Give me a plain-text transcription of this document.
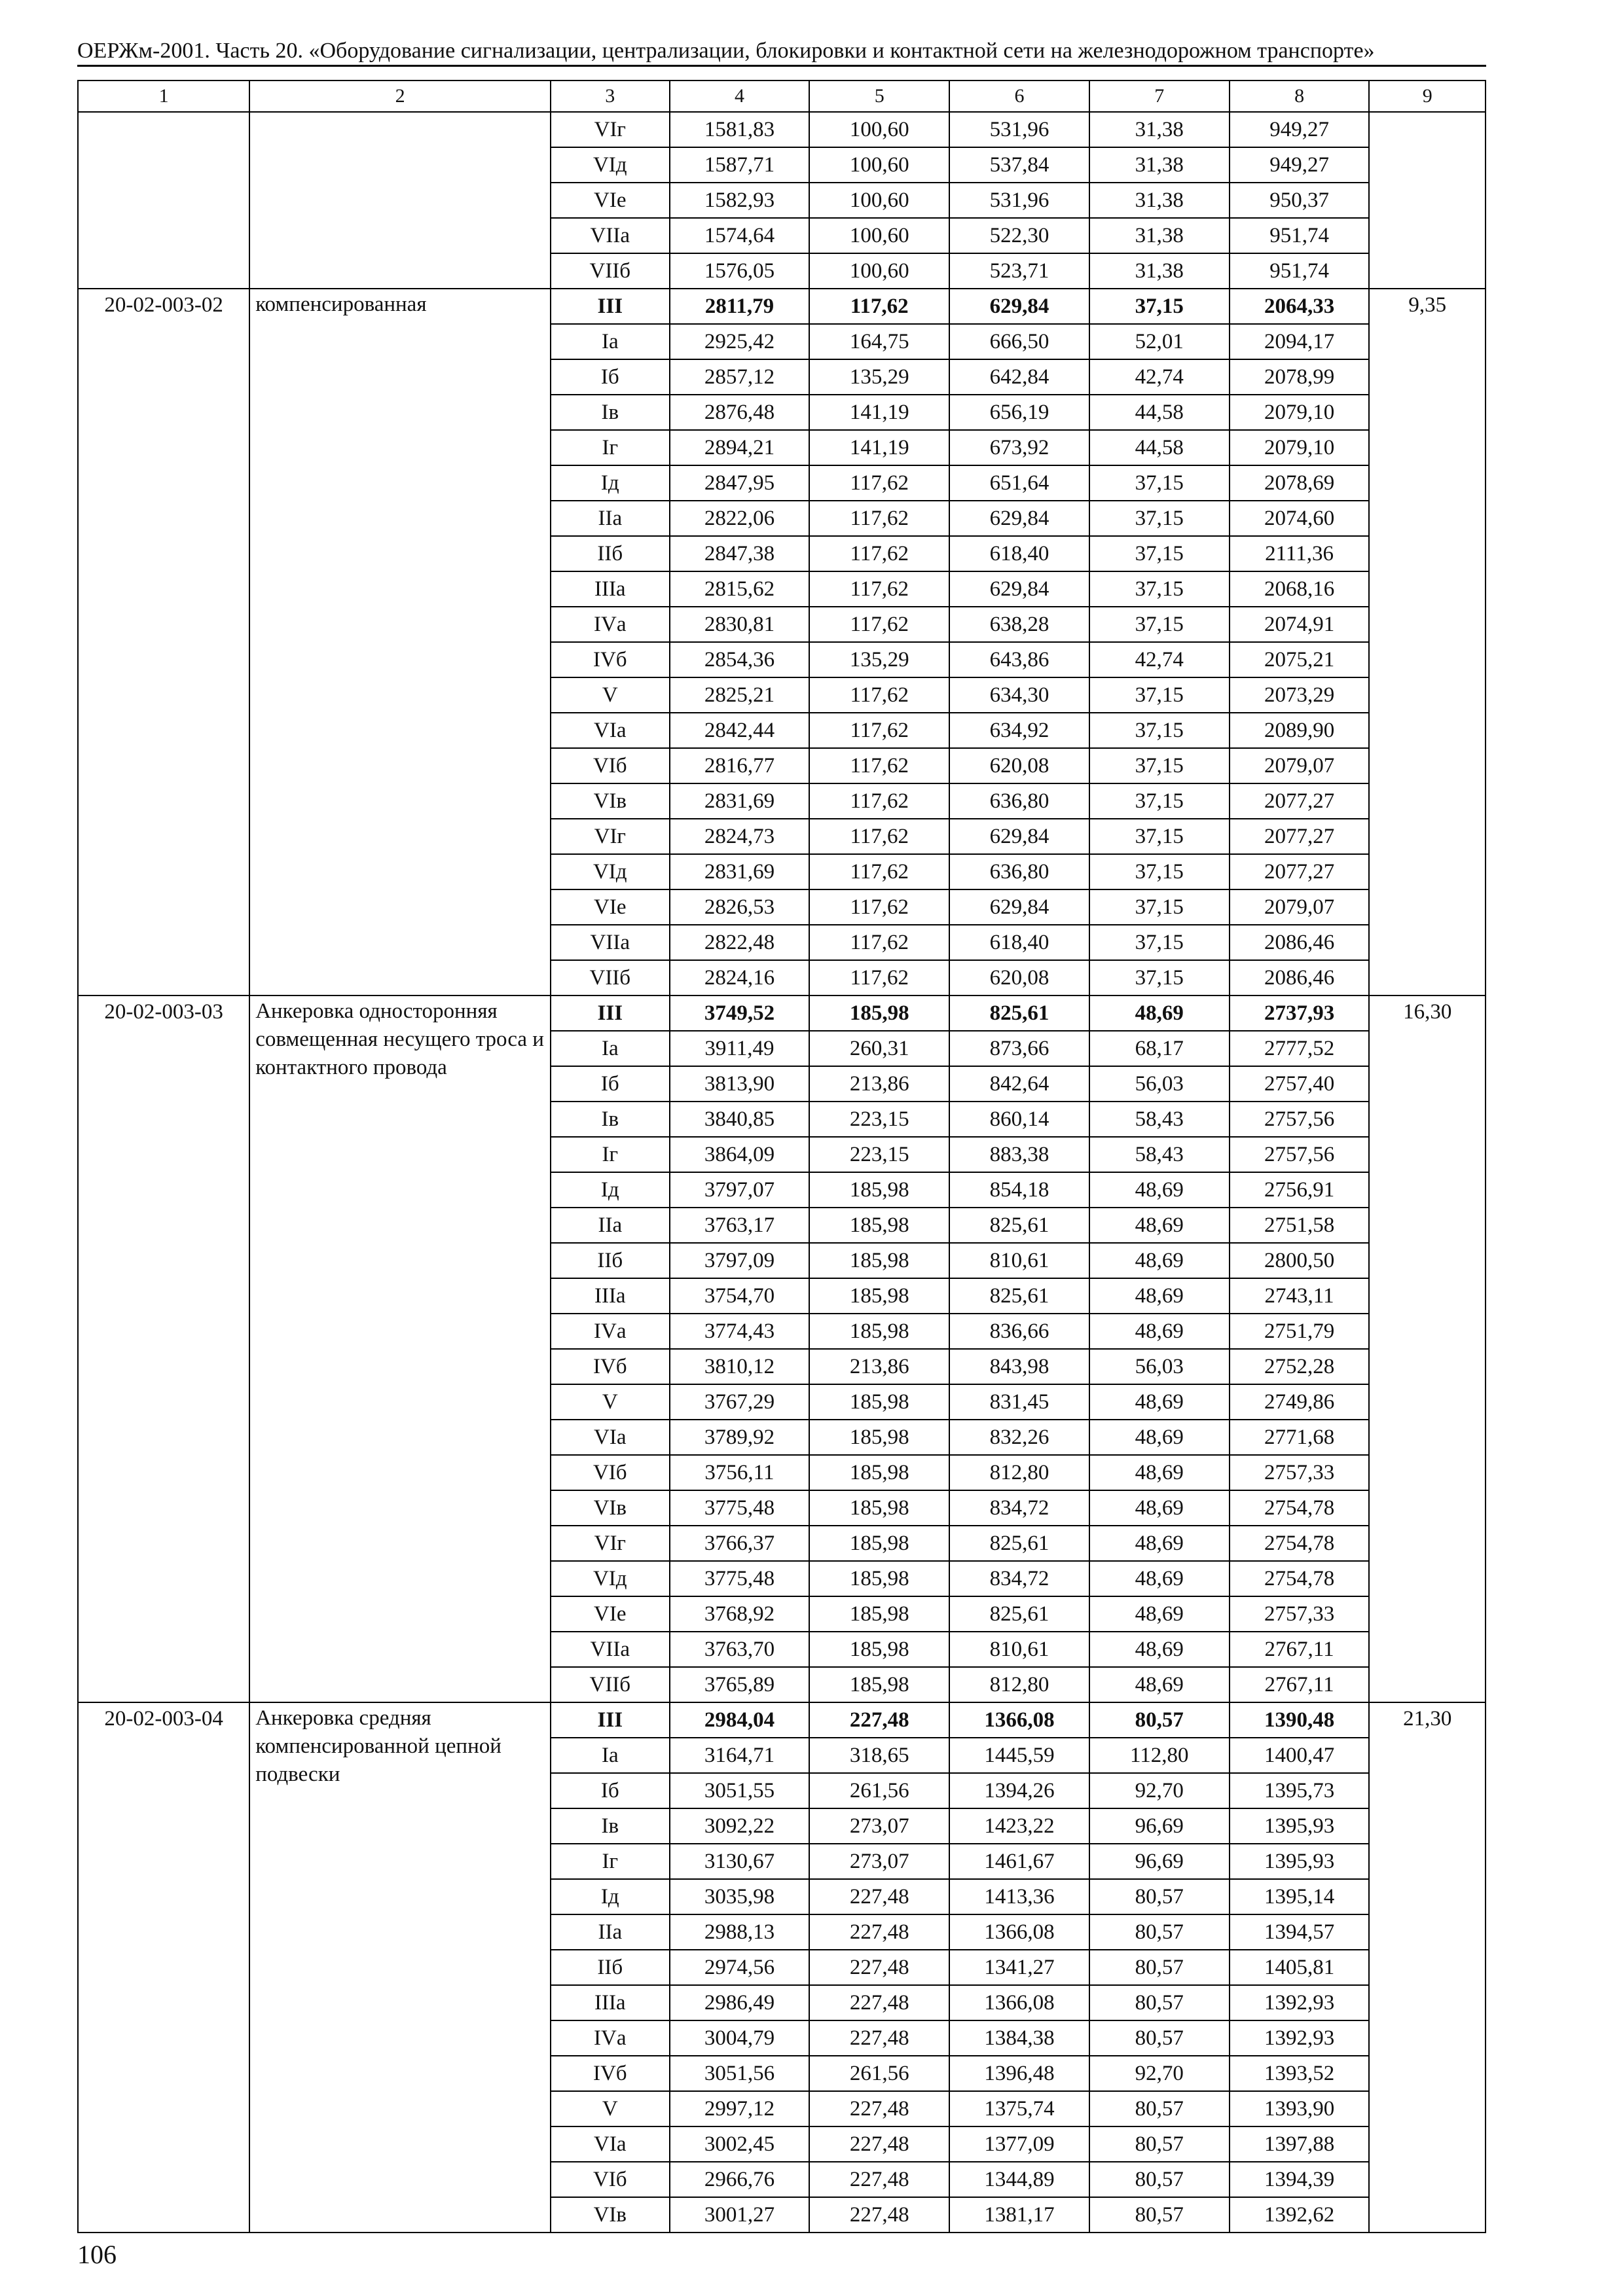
ОЕРЖм-2001. Часть 20. «Оборудование сигнализации, централизации, блокировки и контактной сети на железнодорожном транспорте»
1	2	3	4	5	6	7	8	9
		VIг	1581,83	100,60	531,96	31,38	949,27	
		VIд	1587,71	100,60	537,84	31,38	949,27	
		VIе	1582,93	100,60	531,96	31,38	950,37	
		VIIа	1574,64	100,60	522,30	31,38	951,74	
		VIIб	1576,05	100,60	523,71	31,38	951,74	
20-02-003-02	компенсированная	III	2811,79	117,62	629,84	37,15	2064,33	9,35
		Iа	2925,42	164,75	666,50	52,01	2094,17	
		Iб	2857,12	135,29	642,84	42,74	2078,99	
		Iв	2876,48	141,19	656,19	44,58	2079,10	
		Iг	2894,21	141,19	673,92	44,58	2079,10	
		Iд	2847,95	117,62	651,64	37,15	2078,69	
		IIа	2822,06	117,62	629,84	37,15	2074,60	
		IIб	2847,38	117,62	618,40	37,15	2111,36	
		IIIа	2815,62	117,62	629,84	37,15	2068,16	
		IVа	2830,81	117,62	638,28	37,15	2074,91	
		IVб	2854,36	135,29	643,86	42,74	2075,21	
		V	2825,21	117,62	634,30	37,15	2073,29	
		VIа	2842,44	117,62	634,92	37,15	2089,90	
		VIб	2816,77	117,62	620,08	37,15	2079,07	
		VIв	2831,69	117,62	636,80	37,15	2077,27	
		VIг	2824,73	117,62	629,84	37,15	2077,27	
		VIд	2831,69	117,62	636,80	37,15	2077,27	
		VIе	2826,53	117,62	629,84	37,15	2079,07	
		VIIа	2822,48	117,62	618,40	37,15	2086,46	
		VIIб	2824,16	117,62	620,08	37,15	2086,46	
20-02-003-03	Анкеровка односторонняя совмещенная несущего троса и контактного провода	III	3749,52	185,98	825,61	48,69	2737,93	16,30
		Iа	3911,49	260,31	873,66	68,17	2777,52	
		Iб	3813,90	213,86	842,64	56,03	2757,40	
		Iв	3840,85	223,15	860,14	58,43	2757,56	
		Iг	3864,09	223,15	883,38	58,43	2757,56	
		Iд	3797,07	185,98	854,18	48,69	2756,91	
		IIа	3763,17	185,98	825,61	48,69	2751,58	
		IIб	3797,09	185,98	810,61	48,69	2800,50	
		IIIа	3754,70	185,98	825,61	48,69	2743,11	
		IVа	3774,43	185,98	836,66	48,69	2751,79	
		IVб	3810,12	213,86	843,98	56,03	2752,28	
		V	3767,29	185,98	831,45	48,69	2749,86	
		VIа	3789,92	185,98	832,26	48,69	2771,68	
		VIб	3756,11	185,98	812,80	48,69	2757,33	
		VIв	3775,48	185,98	834,72	48,69	2754,78	
		VIг	3766,37	185,98	825,61	48,69	2754,78	
		VIд	3775,48	185,98	834,72	48,69	2754,78	
		VIе	3768,92	185,98	825,61	48,69	2757,33	
		VIIа	3763,70	185,98	810,61	48,69	2767,11	
		VIIб	3765,89	185,98	812,80	48,69	2767,11	
20-02-003-04	Анкеровка средняя компенсированной цепной подвески	III	2984,04	227,48	1366,08	80,57	1390,48	21,30
		Iа	3164,71	318,65	1445,59	112,80	1400,47	
		Iб	3051,55	261,56	1394,26	92,70	1395,73	
		Iв	3092,22	273,07	1423,22	96,69	1395,93	
		Iг	3130,67	273,07	1461,67	96,69	1395,93	
		Iд	3035,98	227,48	1413,36	80,57	1395,14	
		IIа	2988,13	227,48	1366,08	80,57	1394,57	
		IIб	2974,56	227,48	1341,27	80,57	1405,81	
		IIIа	2986,49	227,48	1366,08	80,57	1392,93	
		IVа	3004,79	227,48	1384,38	80,57	1392,93	
		IVб	3051,56	261,56	1396,48	92,70	1393,52	
		V	2997,12	227,48	1375,74	80,57	1393,90	
		VIа	3002,45	227,48	1377,09	80,57	1397,88	
		VIб	2966,76	227,48	1344,89	80,57	1394,39	
		VIв	3001,27	227,48	1381,17	80,57	1392,62	
106
